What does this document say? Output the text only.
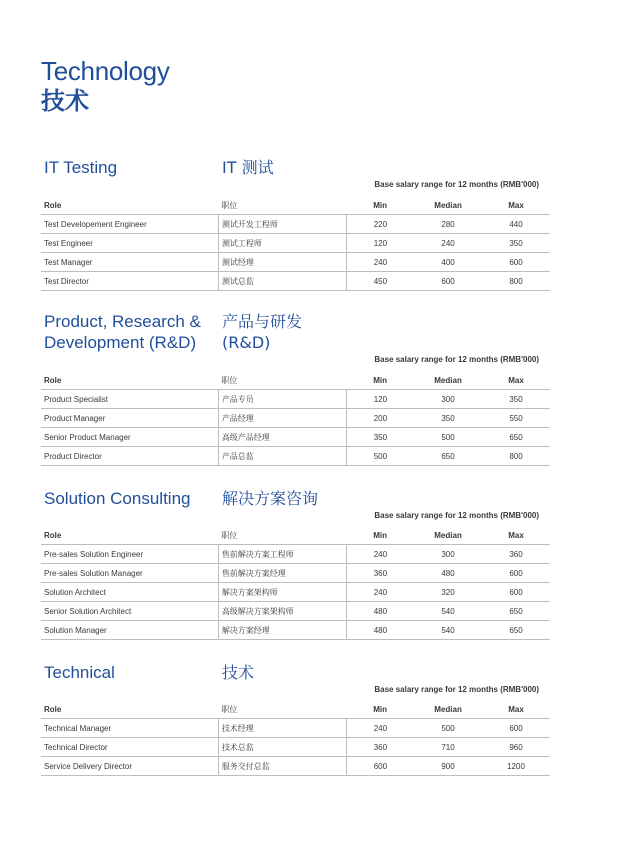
Technology
技术
IT Testing	IT 测试
Base salary range for 12 months (RMB'000)
Role	职位	Min	Median	Max
Test Developement Engineer	测试开发工程师	220	280	440
Test Engineer	测试工程师	120	240	350
Test Manager	测试经理	240	400	600
Test Director	测试总监	450	600	800
Product, Research &
Development (R&D)
产品与研发
(R&D)
Base salary range for 12 months (RMB'000)
Role	职位	Min	Median	Max
Product Specialist	产品专员	120	300	350
Product Manager	产品经理	200	350	550
Senior Product Manager	高级产品经理	350	500	650
Product Director	产品总监	500	650	800
Solution Consulting 解决方案咨询
Base salary range for 12 months (RMB'000)
Role	职位	Min	Median	Max
Pre-sales Solution Engineer	售前解决方案工程师	240	300	360
Pre-sales Solution Manager	售前解决方案经理	360	480	600
Solution Architect	解决方案架构师	240	320	600
Senior Solution Architect	高级解决方案架构师	480	540	650
Solution Manager	解决方案经理	480	540	650
Technical	技术
Base salary range for 12 months (RMB'000)
Role	职位	Min	Median	Max
Technical Manager	技术经理	240	500	600
Technical Director	技术总监	360	710	960
Service Delivery Director	服务交付总监	600	900	1200
